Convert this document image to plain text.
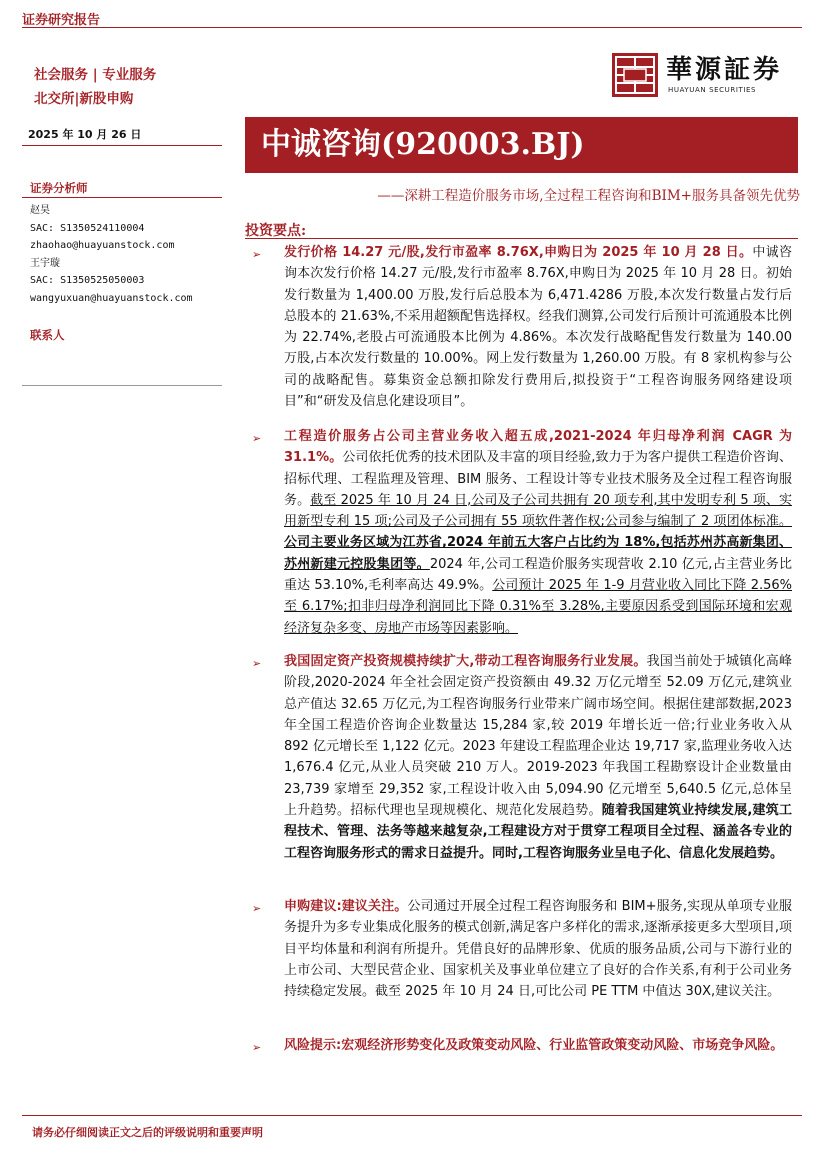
证券研究报告
社会服务 | 专业服务
北交所|新股申购
華源証券
HUAYUAN SECURITIES
2025 年 10 月 26 日	中诚咨询(920003.BJ)
——深耕工程造价服务市场,全过程工程咨询和BIM+服务具备领先优势
证券分析师
赵昊
SAC: S1350524110004
zhaohao@huayuanstock.com
王宇璇
SAC: S1350525050003
wangyuxuan@huayuanstock.com
联系人
投资要点:
➢ 发行价格 14.27 元/股,发行市盈率 8.76X,申购日为 2025 年 10 月 28 日。中诚咨询本次发行价格 14.27 元/股,发行市盈率 8.76X,申购日为 2025 年 10 月 28 日。初始发行数量为 1,400.00 万股,发行后总股本为 6,471.4286 万股,本次发行数量占发行后总股本的 21.63%,不采用超额配售选择权。经我们测算,公司发行后预计可流通股本比例为 22.74%,老股占可流通股本比例为 4.86%。本次发行战略配售发行数量为 140.00 万股,占本次发行数量的 10.00%。网上发行数量为 1,260.00 万股。有 8 家机构参与公司的战略配售。募集资金总额扣除发行费用后,拟投资于“工程咨询服务网络建设项目”和“研发及信息化建设项目”。
➢ 工程造价服务占公司主营业务收入超五成,2021-2024 年归母净利润 CAGR 为 31.1%。公司依托优秀的技术团队及丰富的项目经验,致力于为客户提供工程造价咨询、招标代理、工程监理及管理、BIM 服务、工程设计等专业技术服务及全过程工程咨询服务。截至 2025 年 10 月 24 日,公司及子公司共拥有 20 项专利,其中发明专利 5 项、实用新型专利 15 项;公司及子公司拥有 55 项软件著作权;公司参与编制了 2 项团体标准。公司主要业务区域为江苏省,2024 年前五大客户占比约为 18%,包括苏州苏高新集团、苏州新建元控股集团等。2024 年,公司工程造价服务实现营收 2.10 亿元,占主营业务比重达 53.10%,毛利率高达 49.9%。公司预计 2025 年 1-9 月营业收入同比下降 2.56%至 6.17%;扣非归母净利润同比下降 0.31%至 3.28%,主要原因系受到国际环境和宏观经济复杂多变、房地产市场等因素影响。
➢ 我国固定资产投资规模持续扩大,带动工程咨询服务行业发展。我国当前处于城镇化高峰阶段,2020-2024 年全社会固定资产投资额由 49.32 万亿元增至 52.09 万亿元,建筑业总产值达 32.65 万亿元,为工程咨询服务行业带来广阔市场空间。根据住建部数据,2023 年全国工程造价咨询企业数量达 15,284 家,较 2019 年增长近一倍;行业业务收入从 892 亿元增长至 1,122 亿元。2023 年建设工程监理企业达 19,717 家,监理业务收入达 1,676.4 亿元,从业人员突破 210 万人。2019-2023 年我国工程勘察设计企业数量由 23,739 家增至 29,352 家,工程设计收入由 5,094.90 亿元增至 5,640.5 亿元,总体呈上升趋势。招标代理也呈现规模化、规范化发展趋势。随着我国建筑业持续发展,建筑工程技术、管理、法务等越来越复杂,工程建设方对于贯穿工程项目全过程、涵盖各专业的工程咨询服务形式的需求日益提升。同时,工程咨询服务业呈电子化、信息化发展趋势。
➢ 申购建议:建议关注。公司通过开展全过程工程咨询服务和 BIM+服务,实现从单项专业服务提升为多专业集成化服务的模式创新,满足客户多样化的需求,逐渐承接更多大型项目,项目平均体量和利润有所提升。凭借良好的品牌形象、优质的服务品质,公司与下游行业的上市公司、大型民营企业、国家机关及事业单位建立了良好的合作关系,有利于公司业务持续稳定发展。截至 2025 年 10 月 24 日,可比公司 PE TTM 中值达 30X,建议关注。
➢ 风险提示:宏观经济形势变化及政策变动风险、行业监管政策变动风险、市场竞争风险。
请务必仔细阅读正文之后的评级说明和重要声明
